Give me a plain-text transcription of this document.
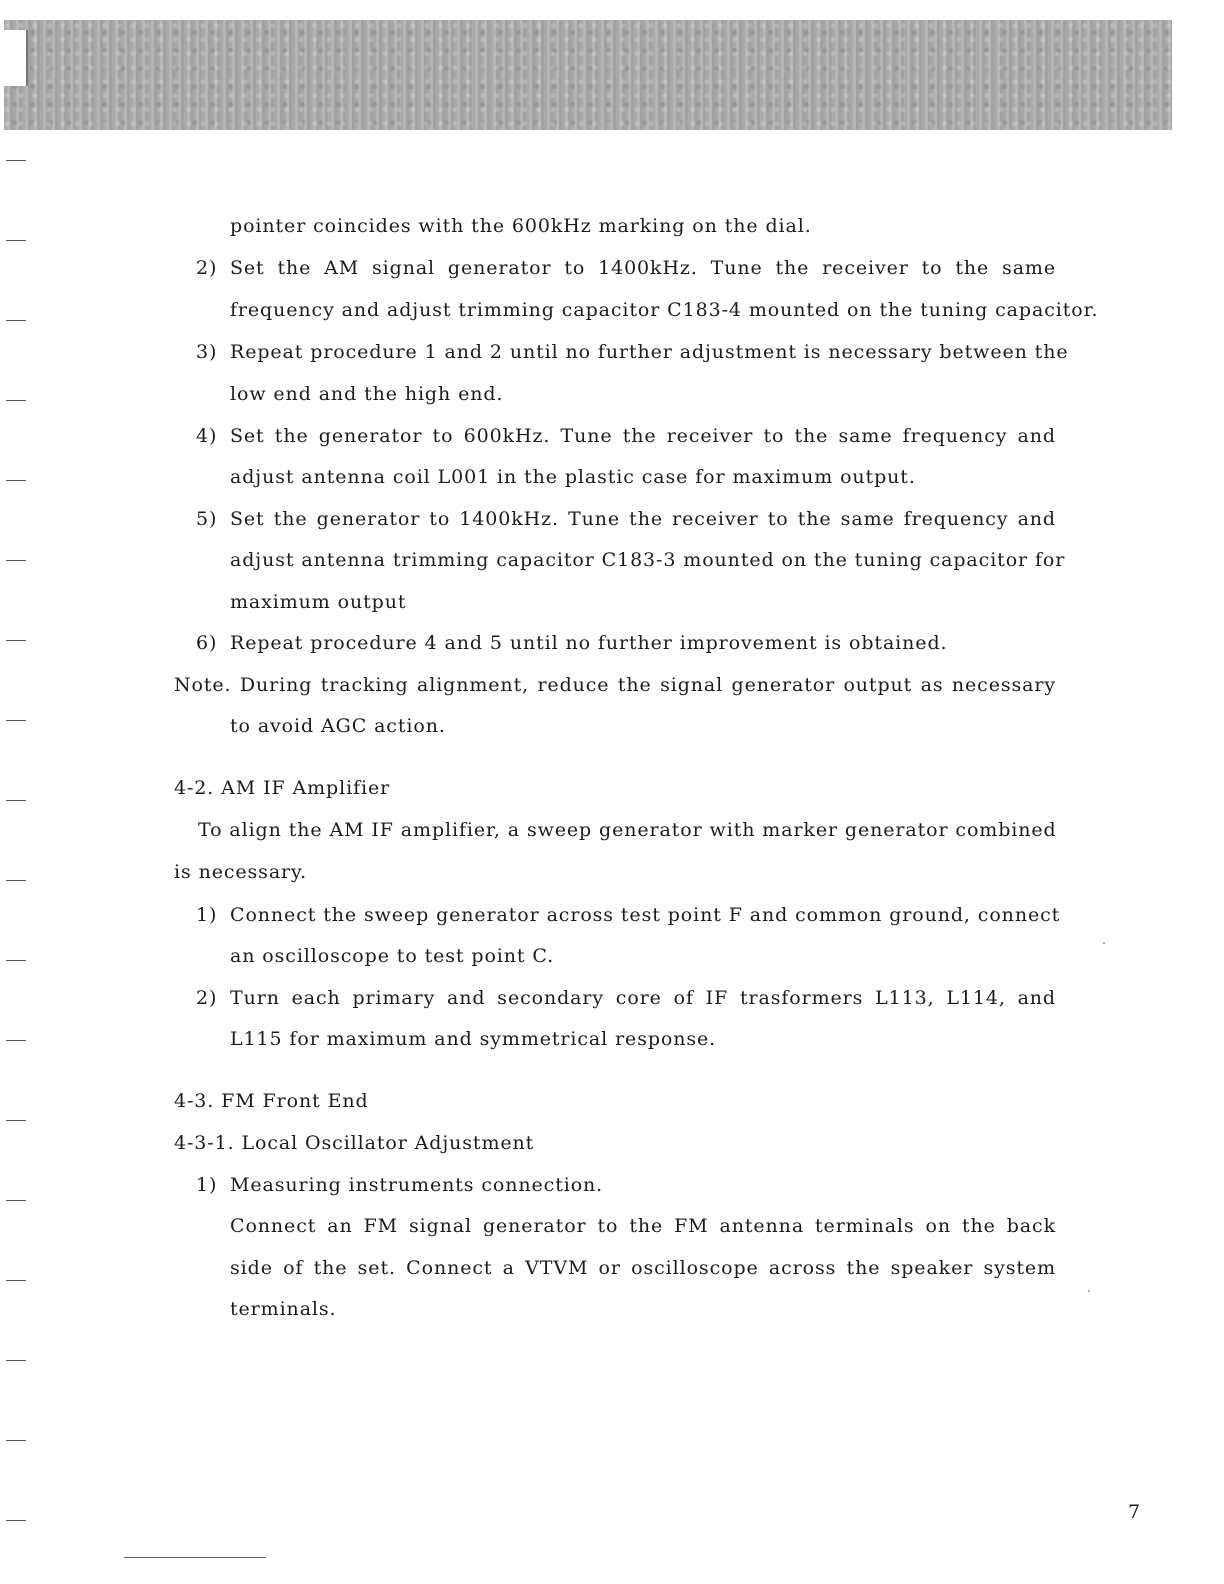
pointer coincides with the 600kHz marking on the dial.

2) Set the AM signal generator to 1400kHz. Tune the receiver to the same

frequency and adjust trimming capacitor C183-4 mounted on the tuning capacitor.

3) Repeat procedure 1 and 2 until no further adjustment is necessary between the

low end and the high end.

4) Set the generator to 600kHz. Tune the receiver to the same frequency and

adjust antenna coil L001 in the plastic case for maximum output.

5) Set the generator to 1400kHz. Tune the receiver to the same frequency and

adjust antenna trimming capacitor C183-3 mounted on the tuning capacitor for

maximum output

6) Repeat procedure 4 and 5 until no further improvement is obtained.

Note. During tracking alignment, reduce the signal generator output as necessary

to avoid AGC action.

4-2. AM IF Amplifier

To align the AM IF amplifier, a sweep generator with marker generator combined

is necessary.

1) Connect the sweep generator across test point F and common ground, connect

an oscilloscope to test point C.

2) Turn each primary and secondary core of IF trasformers L113, L114, and

L115 for maximum and symmetrical response.

4-3. FM Front End

4-3-1. Local Oscillator Adjustment

1) Measuring instruments connection.

Connect an FM signal generator to the FM antenna terminals on the back

side of the set. Connect a VTVM or oscilloscope across the speaker system

terminals.

7
